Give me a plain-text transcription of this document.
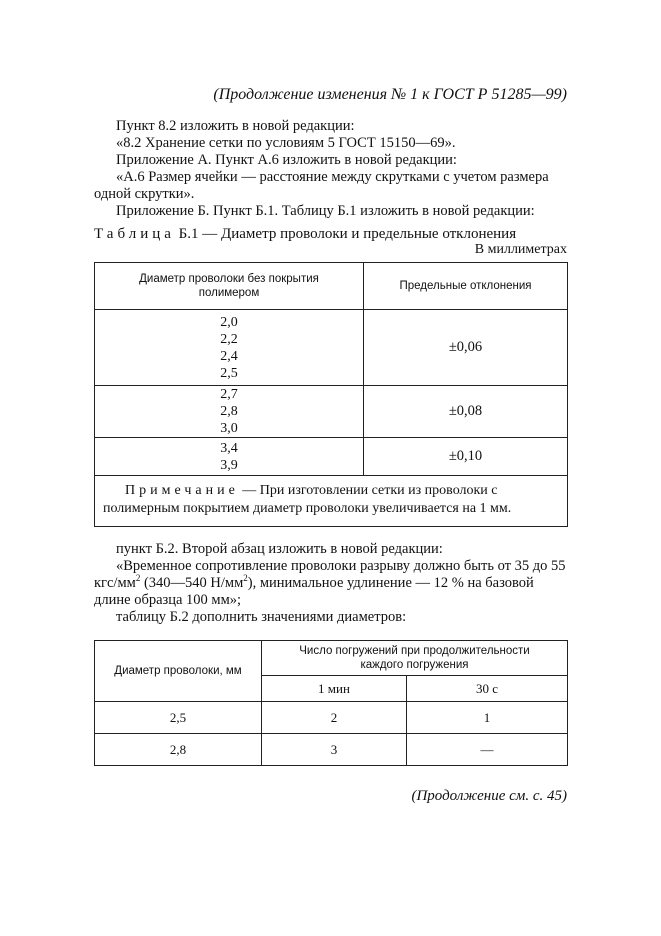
(Продолжение изменения № 1 к ГОСТ Р 51285—99)
Пункт 8.2 изложить в новой редакции:
«8.2 Хранение сетки по условиям 5 ГОСТ 15150—69».
Приложение А. Пункт А.6 изложить в новой редакции:
«А.6 Размер ячейки — расстояние между скрутками с учетом размера одной скрутки».
Приложение Б. Пункт Б.1. Таблицу Б.1 изложить в новой редакции:
Таблица Б.1 — Диаметр проволоки и предельные отклонения
В миллиметрах
Диаметр проволоки без покрытия полимером	Предельные отклонения

2,0
2,2
2,4
2,5	±0,06

2,7
2,8
3,0	±0,08

3,4
3,9	±0,10
Примечание — При изготовлении сетки из проволоки с полимерным покрытием диаметр проволоки увеличивается на 1 мм.	
пункт Б.2. Второй абзац изложить в новой редакции:
«Временное сопротивление проволоки разрыву должно быть от 35 до 55 кгс/$мм^2$ (340—540 $Н/мм^2$), минимальное удлинение — 12 % на базовой длине образца 100 мм»;
таблицу Б.2 дополнить значениями диаметров:
Диаметр проволоки, мм	Число погружений при продолжительности каждого погружения	
	1 мин	30 с
2,5	2	1
2,8	3	—
(Продолжение см. с. 45)
